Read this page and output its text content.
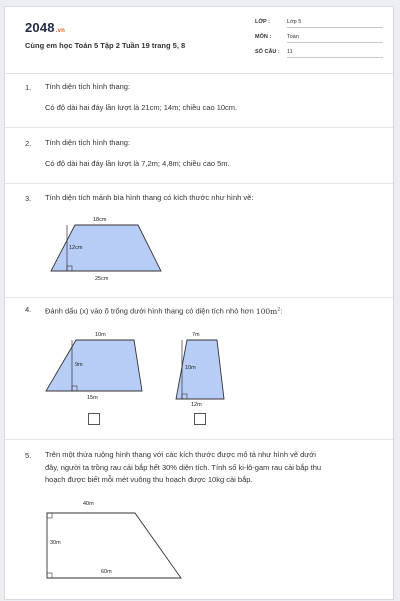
2048.vn
Cùng em học Toán 5 Tập 2 Tuần 19 trang 5, 8
LỚP :	Lớp 5
MÔN :	Toán
SỐ CÂU :	11
1. Tính diện tích hình thang:
Có độ dài hai đáy lần lượt là 21cm; 14m; chiều cao 10cm.
2. Tính diện tích hình thang:
Có độ dài hai đáy lần lượt là 7,2m; 4,8m; chiều cao 5m.
3. Tính diện tích mảnh bìa hình thang có kích thước như hình vẽ:
18cm
12cm
25cm
4. Đánh dấu (x) vào ô trống dưới hình thang có diện tích nhỏ hơn $100m^2$:
10m
9m
15m
7m
10m
12m
5. Trên một thửa ruộng hình thang với các kích thước được mô tả như hình vẽ dưới
đây, người ta trồng rau cải bắp hết 30% diện tích. Tính số ki-lô-gam rau cải bắp thu
hoạch được biết mỗi mét vuông thu hoạch được 10kg cải bắp.
40m
30m
60m
